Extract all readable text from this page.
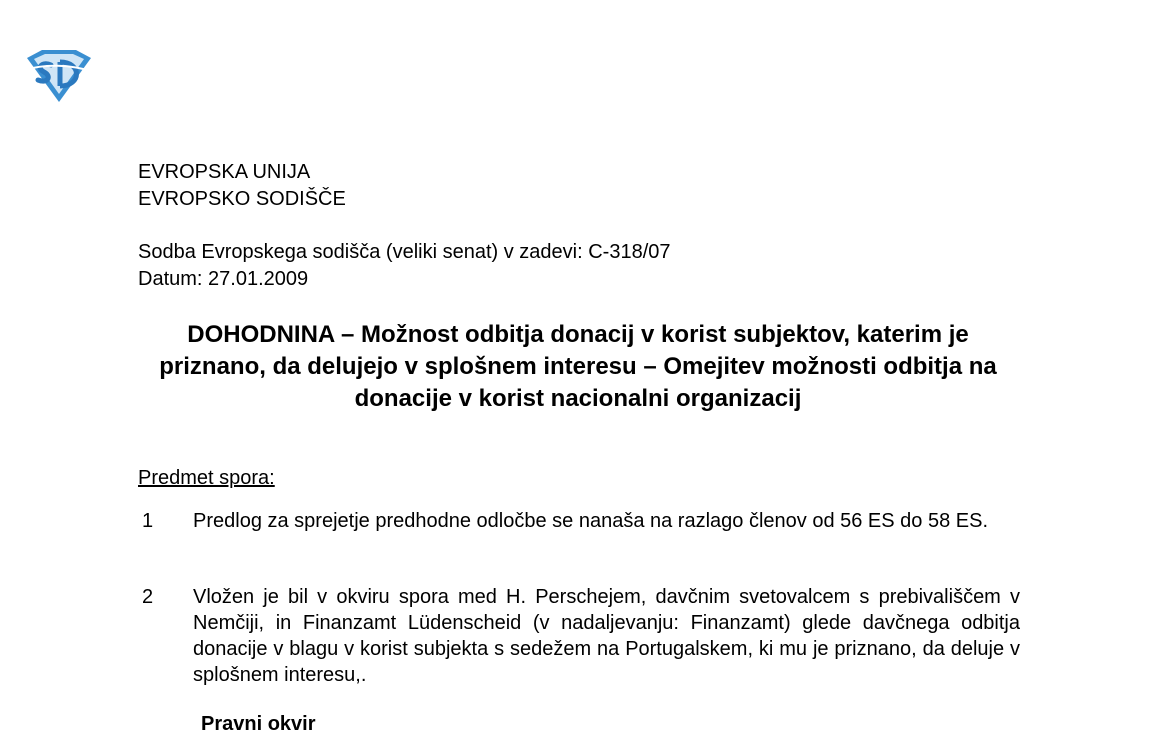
EVROPSKA UNIJA
EVROPSKO SODIŠČE
Sodba Evropskega sodišča (veliki senat) v zadevi: C-318/07
Datum: 27.01.2009
DOHODNINA – Možnost odbitja donacij v korist subjektov, katerim je priznano, da delujejo v splošnem interesu – Omejitev možnosti odbitja na donacije v korist nacionalni organizacij
Predmet spora:
1 Predlog za sprejetje predhodne odločbe se nanaša na razlago členov od 56 ES do 58 ES.
2 Vložen je bil v okviru spora med H. Perschejem, davčnim svetovalcem s prebivališčem v Nemčiji, in Finanzamt Lüdenscheid (v nadaljevanju: Finanzamt) glede davčnega odbitja donacije v blagu v korist subjekta s sedežem na Portugalskem, ki mu je priznano, da deluje v splošnem interesu,.
Pravni okvir
